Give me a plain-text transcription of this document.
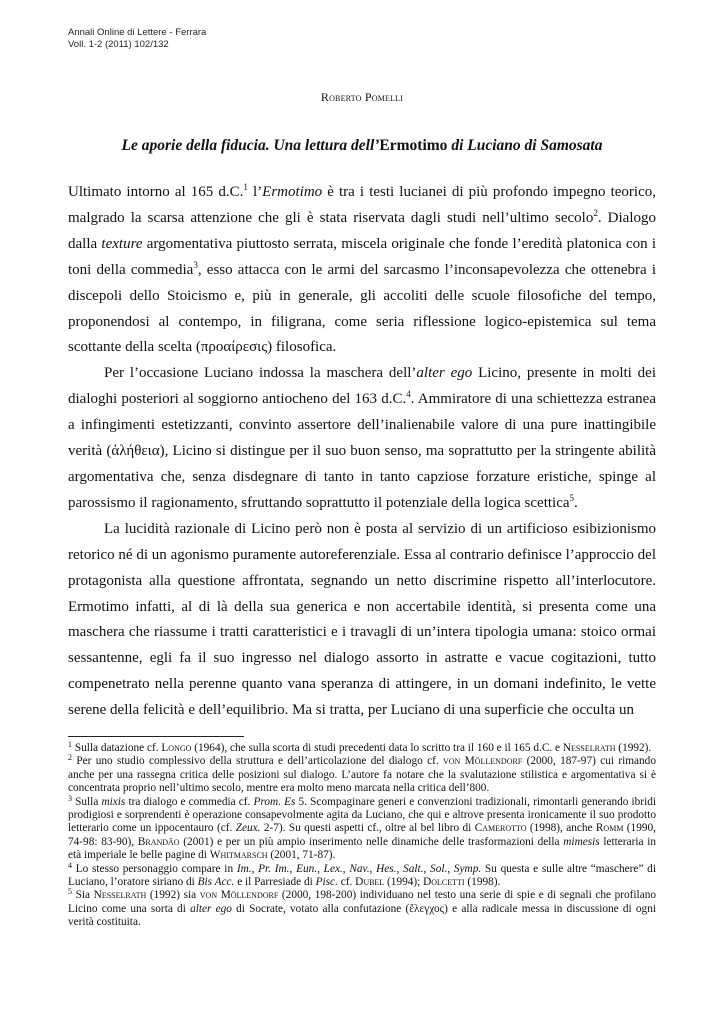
Annali Online di Lettere - Ferrara
Voll. 1-2 (2011) 102/132
Roberto Pomelli
Le aporie della fiducia. Una lettura dell’Ermotimo di Luciano di Samosata

Ultimato intorno al 165 d.C.$^1$ l’Ermotimo è tra i testi lucianei di più profondo impegno teorico, malgrado la scarsa attenzione che gli è stata riservata dagli studi nell’ultimo secolo$^2$. Dialogo dalla texture argomentativa piuttosto serrata, miscela originale che fonde l’eredità platonica con i toni della commedia$^3$, esso attacca con le armi del sarcasmo l’inconsapevolezza che ottenebra i discepoli dello Stoicismo e, più in generale, gli accoliti delle scuole filosofiche del tempo, proponendosi al contempo, in filigrana, come seria riflessione logico-epistemica sul tema scottante della scelta (προαίρεσις) filosofica.

Per l’occasione Luciano indossa la maschera dell’alter ego Licino, presente in molti dei dialoghi posteriori al soggiorno antiocheno del 163 d.C.$^4$. Ammiratore di una schiettezza estranea a infingimenti estetizzanti, convinto assertore dell’inalienabile valore di una pure inattingibile verità (ἀλήθεια), Licino si distingue per il suo buon senso, ma soprattutto per la stringente abilità argomentativa che, senza disdegnare di tanto in tanto capziose forzature eristiche, spinge al parossismo il ragionamento, sfruttando soprattutto il potenziale della logica scettica$^5$.

La lucidità razionale di Licino però non è posta al servizio di un artificioso esibizionismo retorico né di un agonismo puramente autoreferenziale. Essa al contrario definisce l’approccio del protagonista alla questione affrontata, segnando un netto discrimine rispetto all’interlocutore. Ermotimo infatti, al di là della sua generica e non accertabile identità, si presenta come una maschera che riassume i tratti caratteristici e i travagli di un’intera tipologia umana: stoico ormai sessantenne, egli fa il suo ingresso nel dialogo assorto in astratte e vacue cogitazioni, tutto compenetrato nella perenne quanto vana speranza di attingere, in un domani indefinito, le vette serene della felicità e dell’equilibrio. Ma si tratta, per Luciano di una superficie che occulta un

$^1$ Sulla datazione cf. Longo (1964), che sulla scorta di studi precedenti data lo scritto tra il 160 e il 165 d.C. e Nesselrath (1992).

$^2$ Per uno studio complessivo della struttura e dell’articolazione del dialogo cf. von Möllendorf (2000, 187-97) cui rimando anche per una rassegna critica delle posizioni sul dialogo. L’autore fa notare che la svalutazione stilistica e argomentativa si è concentrata proprio nell’ultimo secolo, mentre era molto meno marcata nella critica dell’800.

$^3$ Sulla mixis tra dialogo e commedia cf. Prom. Es 5. Scompaginare generi e convenzioni tradizionali, rimontarli generando ibridi prodigiosi e sorprendenti è operazione consapevolmente agita da Luciano, che qui e altrove presenta ironicamente il suo prodotto letterario come un ippocentauro (cf. Zeux. 2-7). Su questi aspetti cf., oltre al bel libro di Camerotto (1998), anche Romm (1990, 74-98: 83-90), Brandão (2001) e per un più ampio inserimento nelle dinamiche delle trasformazioni della mimesis letteraria in età imperiale le belle pagine di Whitmarsch (2001, 71-87).

$^4$ Lo stesso personaggio compare in Im., Pr. Im., Eun., Lex., Nav., Hes., Salt., Sol., Symp. Su questa e sulle altre “maschere” di Luciano, l’oratore siriano di Bis Acc. e il Parresiade di Pisc. cf. Dubel (1994); Dolcetti (1998).

$^5$ Sia Nesselrath (1992) sia von Möllendorf (2000, 198-200) individuano nel testo una serie di spie e di segnali che profilano Licino come una sorta di alter ego di Socrate, votato alla confutazione (ἔλεγχος) e alla radicale messa in discussione di ogni verità costituita.
